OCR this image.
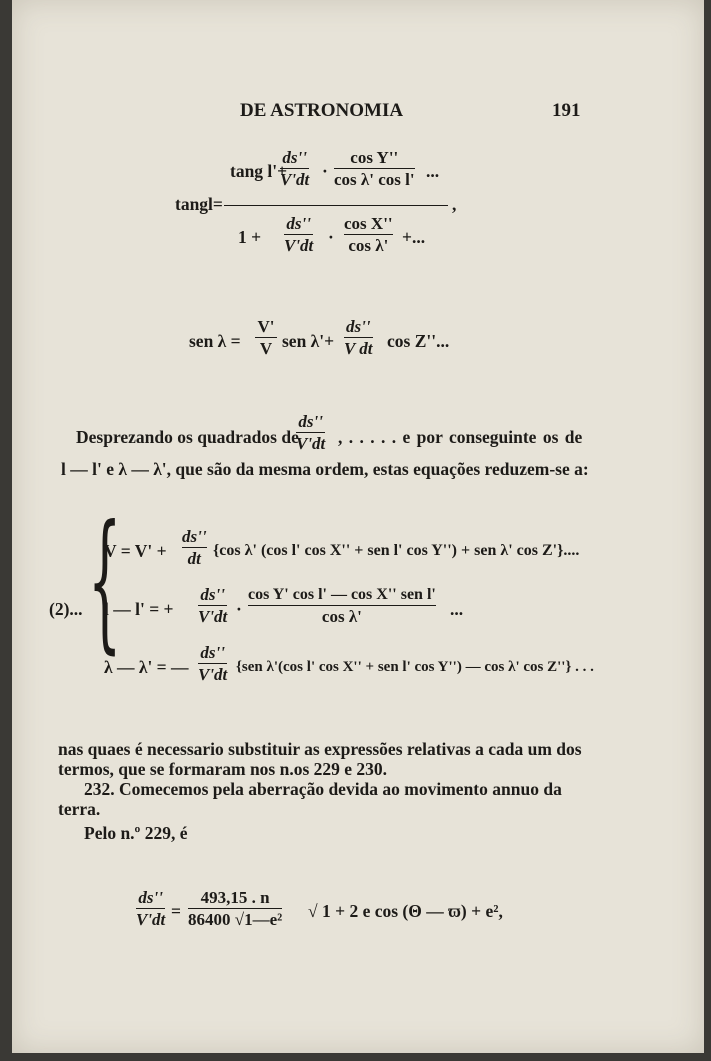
DE ASTRONOMIA	191
tangl=	,
tang l'+
ds''
V'dt ·
cos Y''
cos λ' cos l' ...
1 +
ds''
V'dt ·
cos X''
cos λ' +...
sen λ =
V'
V sen λ'+
ds''
V dt cos Z''...
Desprezando os quadrados de
ds''
V'dt , . . . . . e por conseguinte os de
l — l' e λ — λ', que são da mesma ordem, estas equações reduzem-se a:
(2)... {
V = V' +
ds''
dt {cos λ' (cos l' cos X'' + sen l' cos Y'') + sen λ' cos Z'}....
l — l' = +
ds''
V'dt ·
cos Y' cos l' — cos X'' sen l'
cos λ'	...
λ — λ' = —
ds''
V'dt {sen λ'(cos l' cos X'' + sen l' cos Y'') — cos λ' cos Z''} . . .
nas quaes é necessario substituir as expressões relativas a cada um dos
termos, que se formaram nos n.os 229 e 230.
232. Comecemos pela aberração devida ao movimento annuo da
terra.
Pelo n.º 229, é
ds''
V'dt =
493,15 . n
86400 √1—e² √ 1 + 2 e cos (Θ — ϖ) + e²,
